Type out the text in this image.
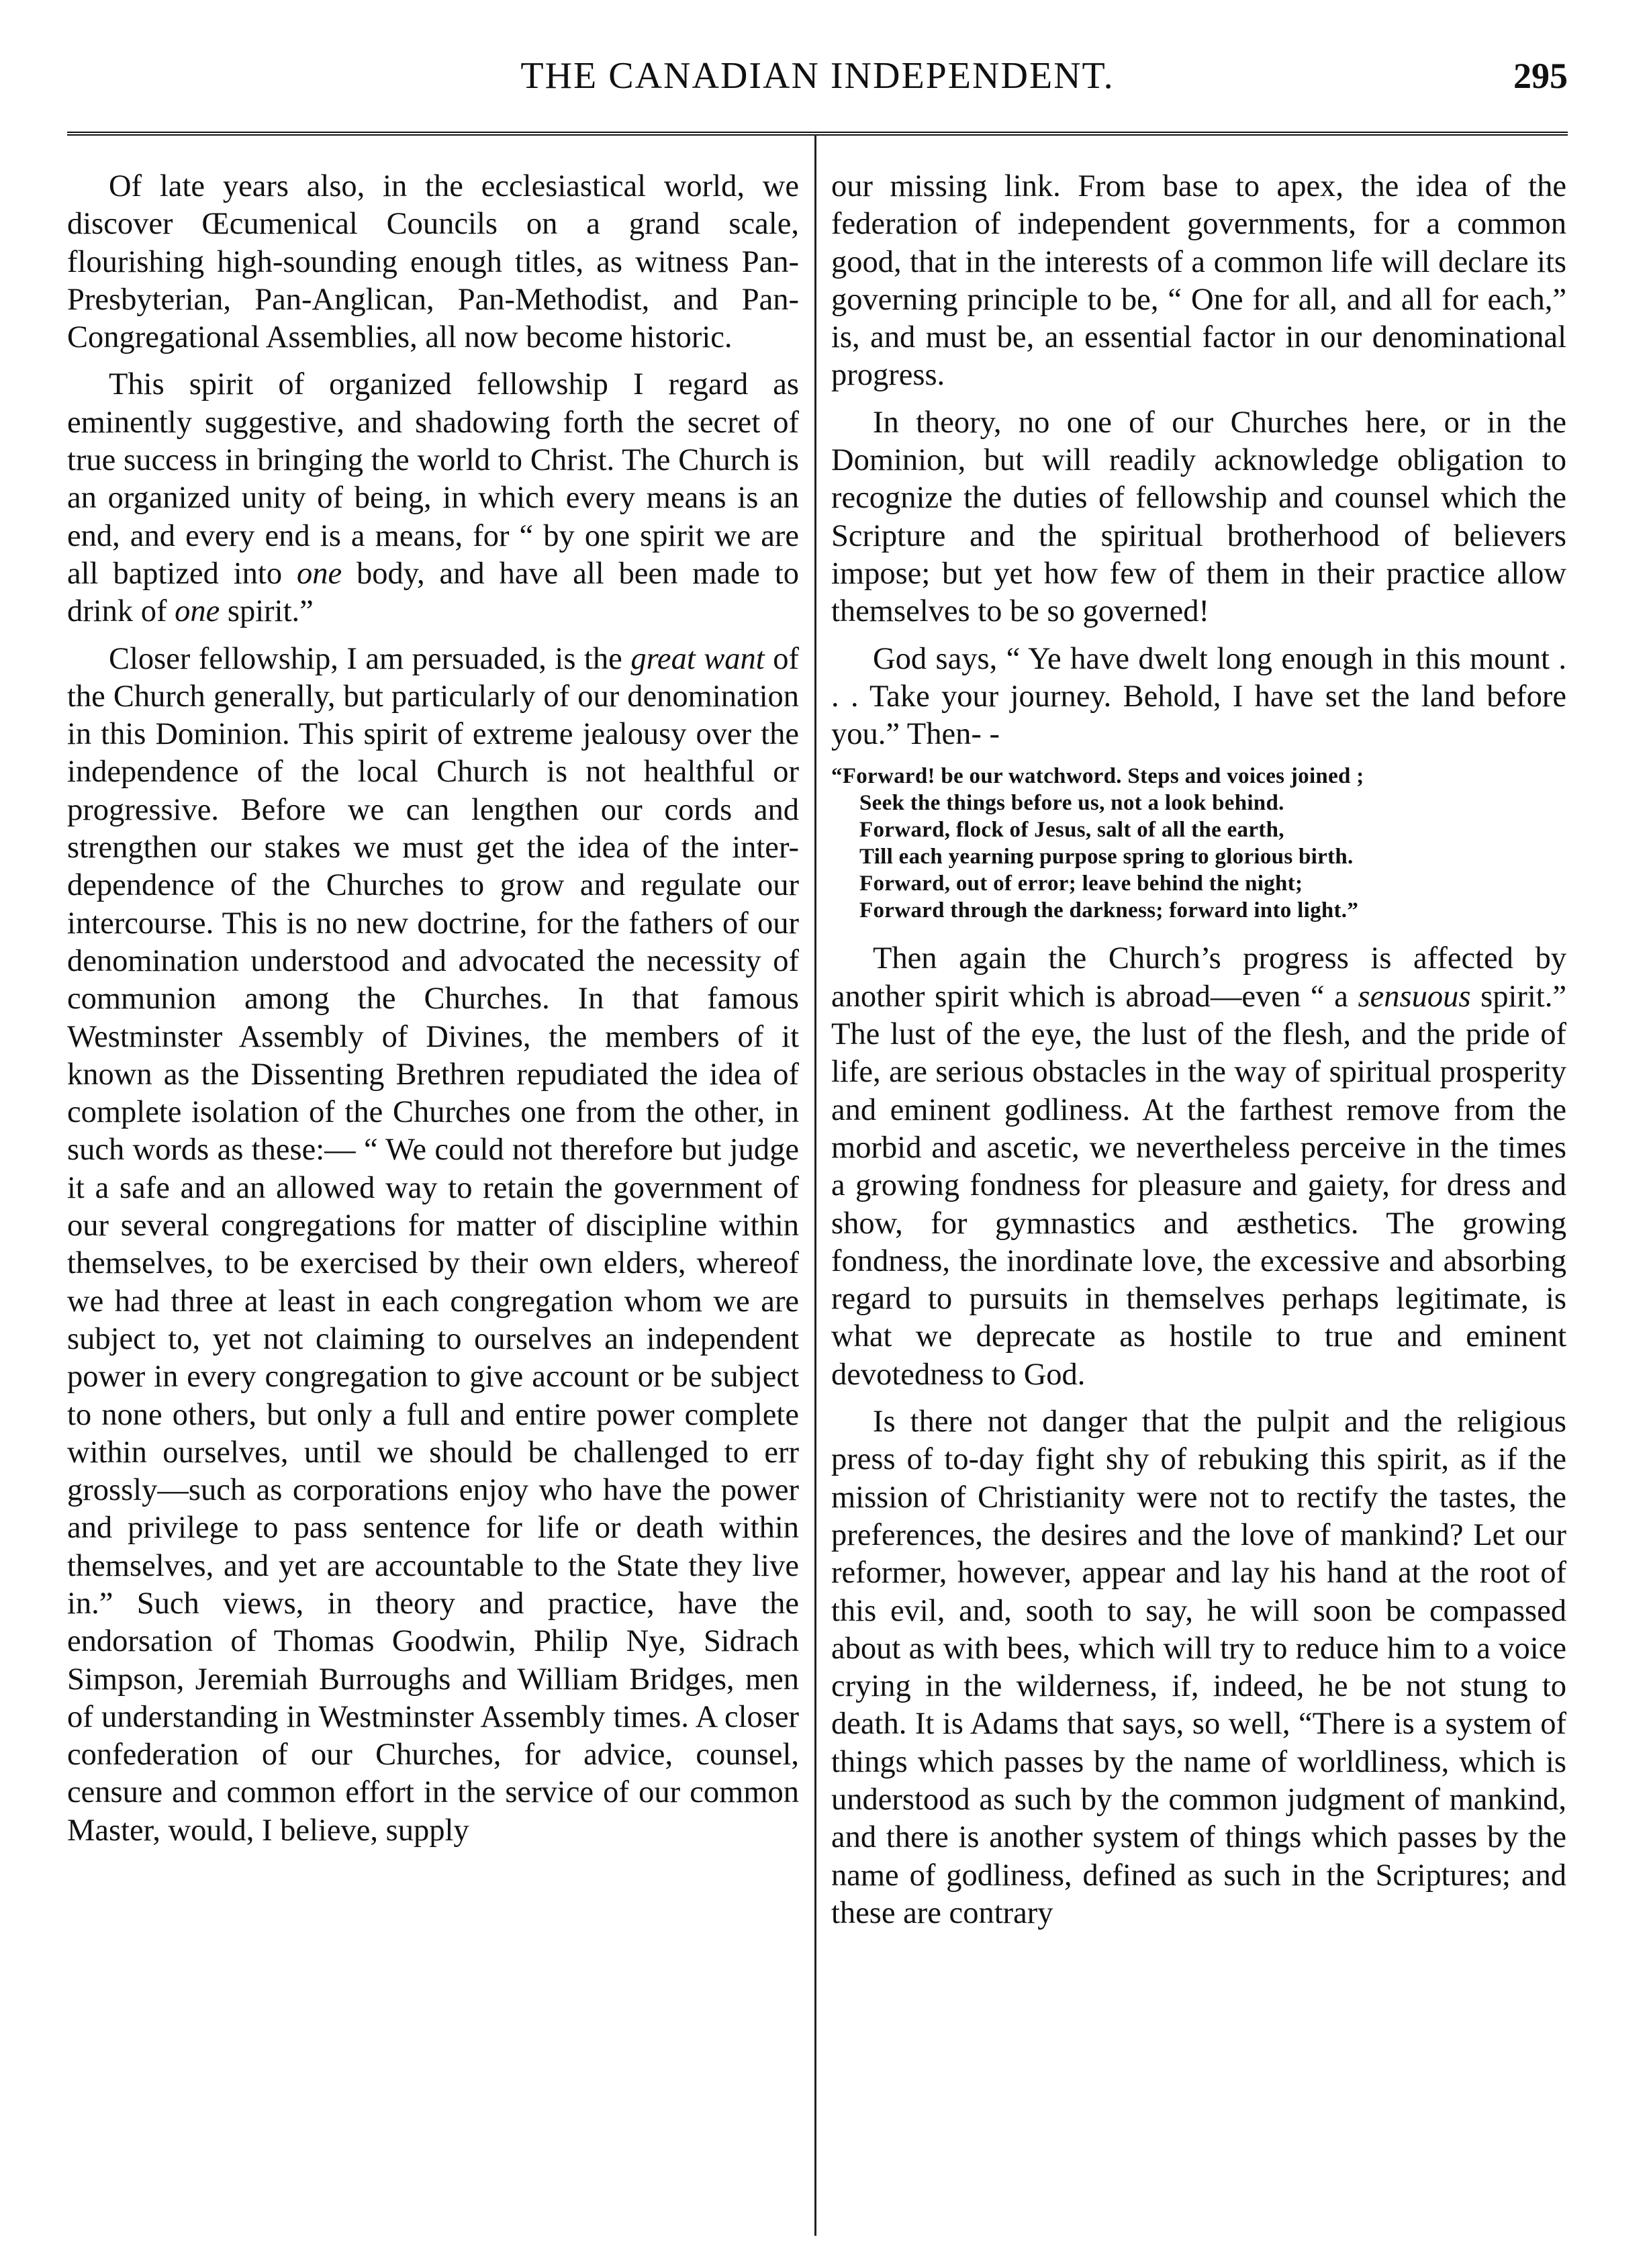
THE CANADIAN INDEPENDENT.	295

Of late years also, in the ecclesiastical world, we discover Œcumenical Councils on a grand scale, flourishing high-sounding enough titles, as witness Pan-Presbyterian, Pan-Anglican, Pan-Methodist, and Pan-Congregational Assemblies, all now become historic.

This spirit of organized fellowship I regard as eminently suggestive, and shadowing forth the secret of true success in bringing the world to Christ. The Church is an organized unity of being, in which every means is an end, and every end is a means, for “ by one spirit we are all baptized into one body, and have all been made to drink of one spirit.”

Closer fellowship, I am persuaded, is the great want of the Church generally, but particularly of our denomination in this Dominion. This spirit of extreme jealousy over the independence of the local Church is not healthful or progressive. Before we can lengthen our cords and strengthen our stakes we must get the idea of the inter-dependence of the Churches to grow and regulate our intercourse. This is no new doctrine, for the fathers of our denomination understood and advocated the necessity of communion among the Churches. In that famous Westminster Assembly of Divines, the members of it known as the Dissenting Brethren repudiated the idea of complete isolation of the Churches one from the other, in such words as these:— “ We could not therefore but judge it a safe and an allowed way to retain the government of our several congregations for matter of discipline within themselves, to be exercised by their own elders, whereof we had three at least in each congregation whom we are subject to, yet not claiming to ourselves an independent power in every congregation to give account or be subject to none others, but only a full and entire power complete within ourselves, until we should be challenged to err grossly—such as corporations enjoy who have the power and privilege to pass sentence for life or death within themselves, and yet are accountable to the State they live in.” Such views, in theory and practice, have the endorsation of Thomas Goodwin, Philip Nye, Sidrach Simpson, Jeremiah Burroughs and William Bridges, men of understanding in Westminster Assembly times. A closer confederation of our Churches, for advice, counsel, censure and common effort in the service of our common Master, would, I believe, supply

our missing link. From base to apex, the idea of the federation of independent governments, for a common good, that in the interests of a common life will declare its governing principle to be, “ One for all, and all for each,” is, and must be, an essential factor in our denominational progress.

In theory, no one of our Churches here, or in the Dominion, but will readily acknowledge obligation to recognize the duties of fellowship and counsel which the Scripture and the spiritual brotherhood of believers impose; but yet how few of them in their practice allow themselves to be so governed!

God says, “ Ye have dwelt long enough in this mount . . . Take your journey. Behold, I have set the land before you.” Then- -

“Forward! be our watchword. Steps and voices joined ;
Seek the things before us, not a look behind.
Forward, flock of Jesus, salt of all the earth,
Till each yearning purpose spring to glorious birth.
Forward, out of error; leave behind the night;
Forward through the darkness; forward into light.”

Then again the Church’s progress is affected by another spirit which is abroad—even “ a sensuous spirit.” The lust of the eye, the lust of the flesh, and the pride of life, are serious obstacles in the way of spiritual prosperity and eminent godliness. At the farthest remove from the morbid and ascetic, we nevertheless perceive in the times a growing fondness for pleasure and gaiety, for dress and show, for gymnastics and æsthetics. The growing fondness, the inordinate love, the excessive and absorbing regard to pursuits in themselves perhaps legitimate, is what we deprecate as hostile to true and eminent devotedness to God.

Is there not danger that the pulpit and the religious press of to-day fight shy of rebuking this spirit, as if the mission of Christianity were not to rectify the tastes, the preferences, the desires and the love of mankind? Let our reformer, however, appear and lay his hand at the root of this evil, and, sooth to say, he will soon be compassed about as with bees, which will try to reduce him to a voice crying in the wilderness, if, indeed, he be not stung to death. It is Adams that says, so well, “There is a system of things which passes by the name of worldliness, which is understood as such by the common judgment of mankind, and there is another system of things which passes by the name of godliness, defined as such in the Scriptures; and these are contrary
